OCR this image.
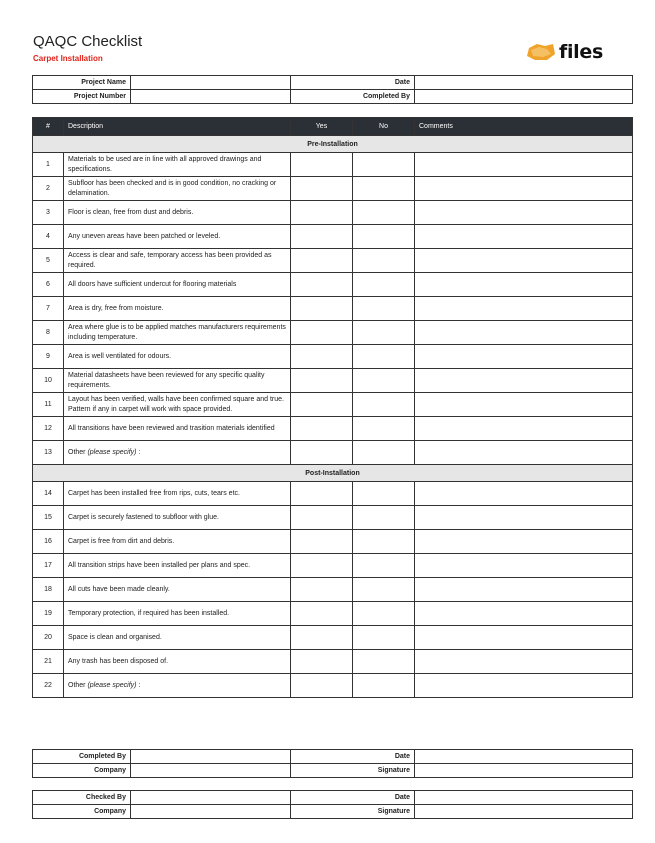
QAQC Checklist
Carpet Installation	files
Project Name		Date	
Project Number		Completed By	
#	Description	Yes	No	Comments
Pre-Installation				
1	Materials to be used are in line with all approved drawings and specifications.			
2	Subfloor has been checked and is in good condition, no cracking or delamination.			
3	Floor is clean, free from dust and debris.			
4	Any uneven areas have been patched or leveled.			
5	Access is clear and safe, temporary access has been provided as required.			
6	All doors have sufficient undercut for flooring materials			
7	Area is dry, free from moisture.			
8	Area where glue is to be applied matches manufacturers requirements including temperature.			
9	Area is well ventilated for odours.			
10	Material datasheets have been reviewed for any specific quality requirements.			
11	Layout has been verified, walls have been confirmed square and true. Pattern if any in carpet will work with space provided.			
12	All transitions have been reviewed and trasition materials identified			
13	Other (please specify) :			
Post-Installation				
14	Carpet has been installed free from rips, cuts, tears etc.			
15	Carpet is securely fastened to subfloor with glue.			
16	Carpet is free from dirt and debris.			
17	All transition strips have been installed per plans and spec.			
18	All cuts have been made cleanly.			
19	Temporary protection, if required has been installed.			
20	Space is clean and organised.			
21	Any trash has been disposed of.			
22	Other (please specify) :			
Completed By		Date	
Company		Signature	
Checked By		Date	
Company		Signature	
